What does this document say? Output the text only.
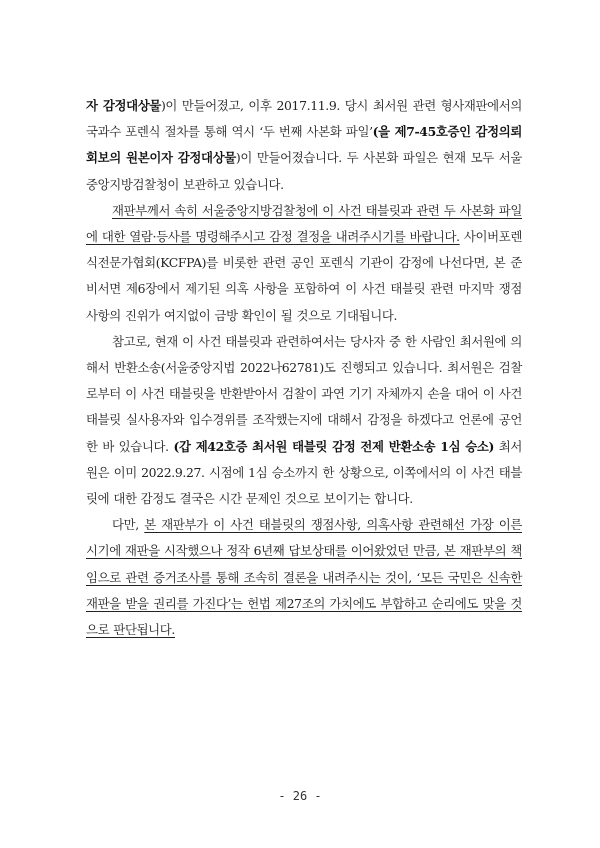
자 감정대상물)이 만들어졌고, 이후 2017.11.9. 당시 최서원 관련 형사재판에서의 국과수 포렌식 절차를 통해 역시 ‘두 번째 사본화 파일’(을 제7-45호증인 감정의뢰 회보의 원본이자 감정대상물)이 만들어졌습니다. 두 사본화 파일은 현재 모두 서울중앙지방검찰청이 보관하고 있습니다.

재판부께서 속히 서울중앙지방검찰청에 이 사건 태블릿과 관련 두 사본화 파일에 대한 열람·등사를 명령해주시고 감정 결정을 내려주시기를 바랍니다. 사이버포렌식전문가협회(KCFPA)를 비롯한 관련 공인 포렌식 기관이 감정에 나선다면, 본 준비서면 제6장에서 제기된 의혹 사항을 포함하여 이 사건 태블릿 관련 마지막 쟁점 사항의 진위가 여지없이 금방 확인이 될 것으로 기대됩니다.

참고로, 현재 이 사건 태블릿과 관련하여서는 당사자 중 한 사람인 최서원에 의해서 반환소송(서울중앙지법 2022나62781)도 진행되고 있습니다. 최서원은 검찰로부터 이 사건 태블릿을 반환받아서 검찰이 과연 기기 자체까지 손을 대어 이 사건 태블릿 실사용자와 입수경위를 조작했는지에 대해서 감정을 하겠다고 언론에 공언한 바 있습니다. (갑 제42호증 최서원 태블릿 감정 전제 반환소송 1심 승소) 최서원은 이미 2022.9.27. 시점에 1심 승소까지 한 상황으로, 이쪽에서의 이 사건 태블릿에 대한 감정도 결국은 시간 문제인 것으로 보이기는 합니다.

다만, 본 재판부가 이 사건 태블릿의 쟁점사항, 의혹사항 관련해선 가장 이른 시기에 재판을 시작했으나 정작 6년째 답보상태를 이어왔었던 만큼, 본 재판부의 책임으로 관련 증거조사를 통해 조속히 결론을 내려주시는 것이, ‘모든 국민은 신속한 재판을 받을 권리를 가진다’는 헌법 제27조의 가치에도 부합하고 순리에도 맞을 것으로 판단됩니다.

- 26 -
